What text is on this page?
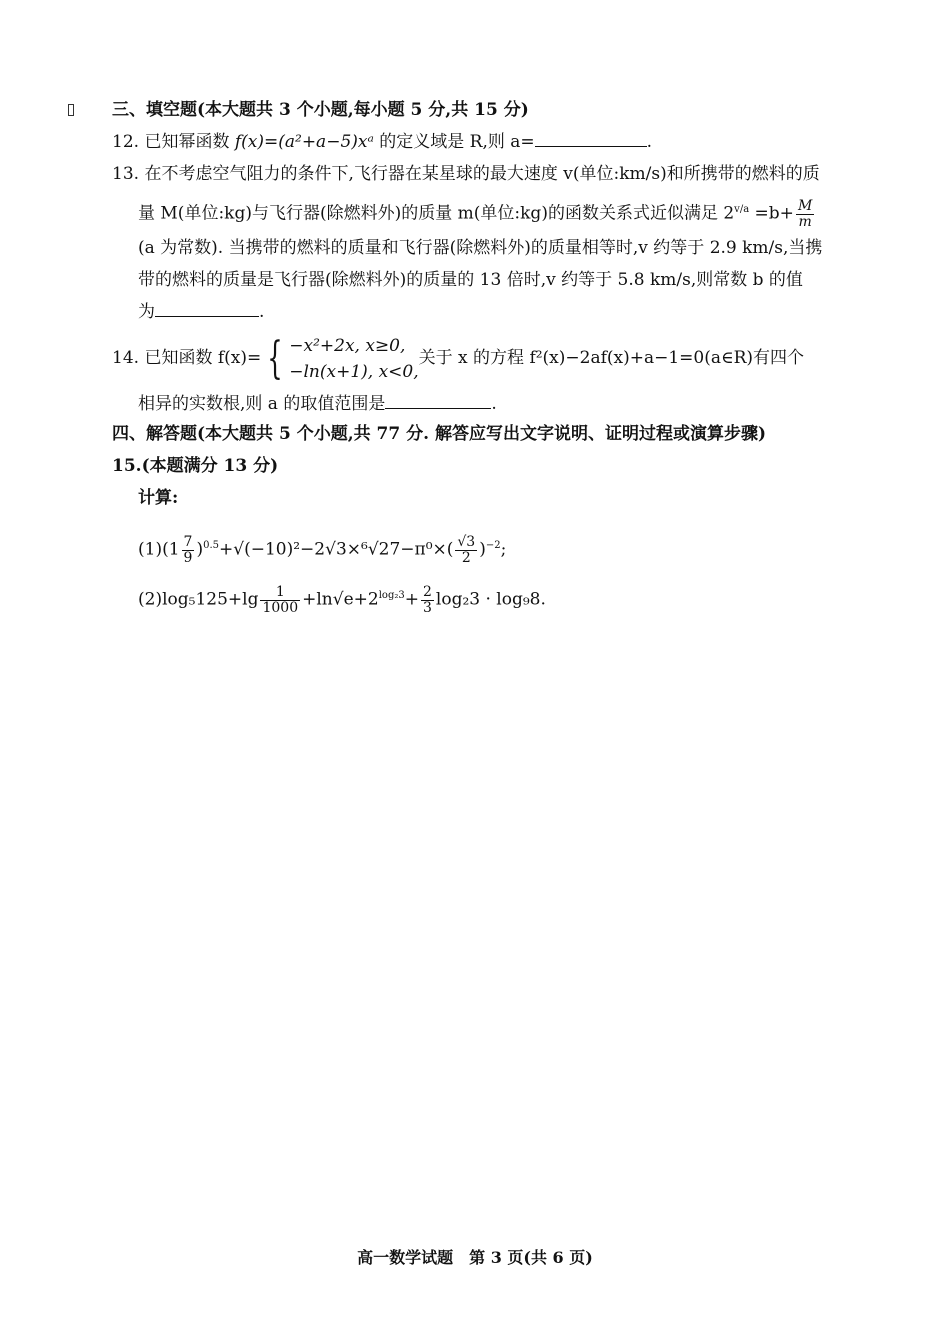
三、填空题(本大题共 3 个小题,每小题 5 分,共 15 分)
12. 已知幂函数 f(x)=(a²+a−5)xᵃ 的定义域是 R,则 a=	.
13. 在不考虑空气阻力的条件下,飞行器在某星球的最大速度 v(单位:km/s)和所携带的燃料的质
量 M(单位:kg)与飞行器(除燃料外)的质量 m(单位:kg)的函数关系式近似满足 $2^{v/a} =b+ \frac{M}{m}$
(a 为常数). 当携带的燃料的质量和飞行器(除燃料外)的质量相等时,v 约等于 2.9 km/s,当携
带的燃料的质量是飞行器(除燃料外)的质量的 13 倍时,v 约等于 5.8 km/s,则常数 b 的值
为	.
14. 已知函数 f(x)= { −x²+2x, x≥0,
−ln(x+1), x<0,
关于 x 的方程 f²(x)−2af(x)+a−1=0(a∈R)有四个
相异的实数根,则 a 的取值范围是	.
四、解答题(本大题共 5 个小题,共 77 分. 解答应写出文字说明、证明过程或演算步骤)
15.(本题满分 13 分)
计算:
$(1)(1 \frac{7}{9} )^{0.5}+√(-10)^2-2√3\times^6√27-\pi^0\times( \frac{√3}{2} )^{-2}$;
$(2)\log_5125+\lg \frac{1}{1000} +\ln√e+2^{log_23}+ \frac{2}{3} \log_23 \cdot \log_98$.
高一数学试题　第 3 页(共 6 页)
